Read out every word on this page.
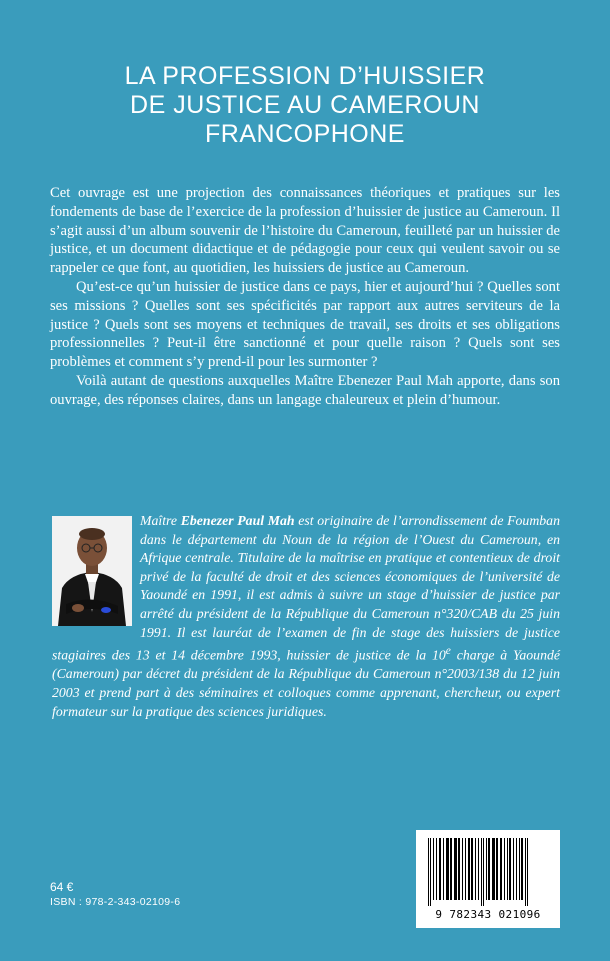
LA PROFESSION D’HUISSIER
DE JUSTICE AU CAMEROUN
FRANCOPHONE

Cet ouvrage est une projection des connaissances théoriques et pratiques sur les fondements de base de l’exercice de la profession d’huissier de justice au Cameroun. Il s’agit aussi d’un album souvenir de l’histoire du Cameroun, feuilleté par un huissier de justice, et un document didactique et de pédagogie pour ceux qui veulent savoir ou se rappeler ce que font, au quotidien, les huissiers de justice au Cameroun.

Qu’est-ce qu’un huissier de justice dans ce pays, hier et aujourd’hui ? Quelles sont ses missions ? Quelles sont ses spécificités par rapport aux autres serviteurs de la justice ? Quels sont ses moyens et techniques de travail, ses droits et ses obligations professionnelles ? Peut-il être sanctionné et pour quelle raison ? Quels sont ses problèmes et comment s’y prend-il pour les surmonter ?

Voilà autant de questions auxquelles Maître Ebenezer Paul Mah apporte, dans son ouvrage, des réponses claires, dans un langage chaleureux et plein d’humour.

Maître Ebenezer Paul Mah est originaire de l’arrondissement de Foumban dans le département du Noun de la région de l’Ouest du Cameroun, en Afrique centrale. Titulaire de la maîtrise en pratique et contentieux de droit privé de la faculté de droit et des sciences économiques de l’université de Yaoundé en 1991, il est admis à suivre un stage d’huissier de justice par arrêté du président de la République du Cameroun n°320/CAB du 25 juin 1991. Il est lauréat de l’examen de fin de stage des huissiers de justice stagiaires des 13 et 14 décembre 1993, huissier de justice de la 10e charge à Yaoundé (Cameroun) par décret du président de la République du Cameroun n°2003/138 du 12 juin 2003 et prend part à des séminaires et colloques comme apprenant, chercheur, ou expert formateur sur la pratique des sciences juridiques.
64 €
ISBN : 978-2-343-02109-6
9 782343 021096
